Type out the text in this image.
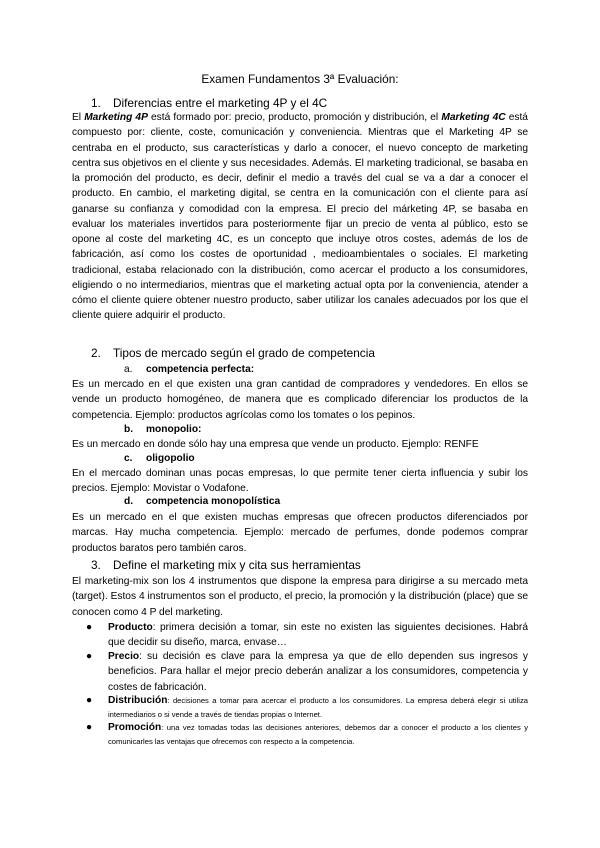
Examen Fundamentos 3ª Evaluación:
1. Diferencias entre el marketing 4P y el 4C
El Marketing 4P está formado por: precio, producto, promoción y distribución, el Marketing 4C está compuesto por: cliente, coste, comunicación y conveniencia. Mientras que el Marketing 4P se centraba en el producto, sus características y darlo a conocer, el nuevo concepto de marketing centra sus objetivos en el cliente y sus necesidades. Además. El marketing tradicional, se basaba en la promoción del producto, es decir, definir el medio a través del cual se va a dar a conocer el producto. En cambio, el marketing digital, se centra en la comunicación con el cliente para así ganarse su confianza y comodidad con la empresa. El precio del márketing 4P, se basaba en evaluar los materiales invertidos para posteriormente fijar un precio de venta al público, esto se opone al coste del marketing 4C, es un concepto que incluye otros costes, además de los de fabricación, así como los costes de oportunidad , medioambientales o sociales. El marketing tradicional, estaba relacionado con la distribución, como acercar el producto a los consumidores, eligiendo o no intermediarios, mientras que el marketing actual opta por la conveniencia, atender a cómo el cliente quiere obtener nuestro producto, saber utilizar los canales adecuados por los que el cliente quiere adquirir el producto.
2. Tipos de mercado según el grado de competencia
a. competencia perfecta:
Es un mercado en el que existen una gran cantidad de compradores y vendedores. En ellos se vende un producto homogéneo, de manera que es complicado diferenciar los productos de la competencia. Ejemplo: productos agrícolas como los tomates o los pepinos.
b. monopolio:
Es un mercado en donde sólo hay una empresa que vende un producto. Ejemplo: RENFE
c. oligopolio
En el mercado dominan unas pocas empresas, lo que permite tener cierta influencia y subir los precios. Ejemplo: Movistar o Vodafone.
d. competencia monopolística
Es un mercado en el que existen muchas empresas que ofrecen productos diferenciados por marcas. Hay mucha competencia. Ejemplo: mercado de perfumes, donde podemos comprar productos baratos pero también caros.
3. Define el marketing mix y cita sus herramientas
El marketing-mix son los 4 instrumentos que dispone la empresa para dirigirse a su mercado meta (target). Estos 4 instrumentos son el producto, el precio, la promoción y la distribución (place) que se conocen como 4 P del marketing.
● Producto: primera decisión a tomar, sin este no existen las siguientes decisiones. Habrá que decidir su diseño, marca, envase…
● Precio: su decisión es clave para la empresa ya que de ello dependen sus ingresos y beneficios. Para hallar el mejor precio deberán analizar a los consumidores, competencia y costes de fabricación.
● Distribución: decisiones a tomar para acercar el producto a los consumidores. La empresa deberá elegir si utiliza intermediarios o si vende a través de tiendas propias o Internet.
● Promoción: una vez tomadas todas las decisiones anteriores, debemos dar a conocer el producto a los clientes y comunicarles las ventajas que ofrecemos con respecto a la competencia.
